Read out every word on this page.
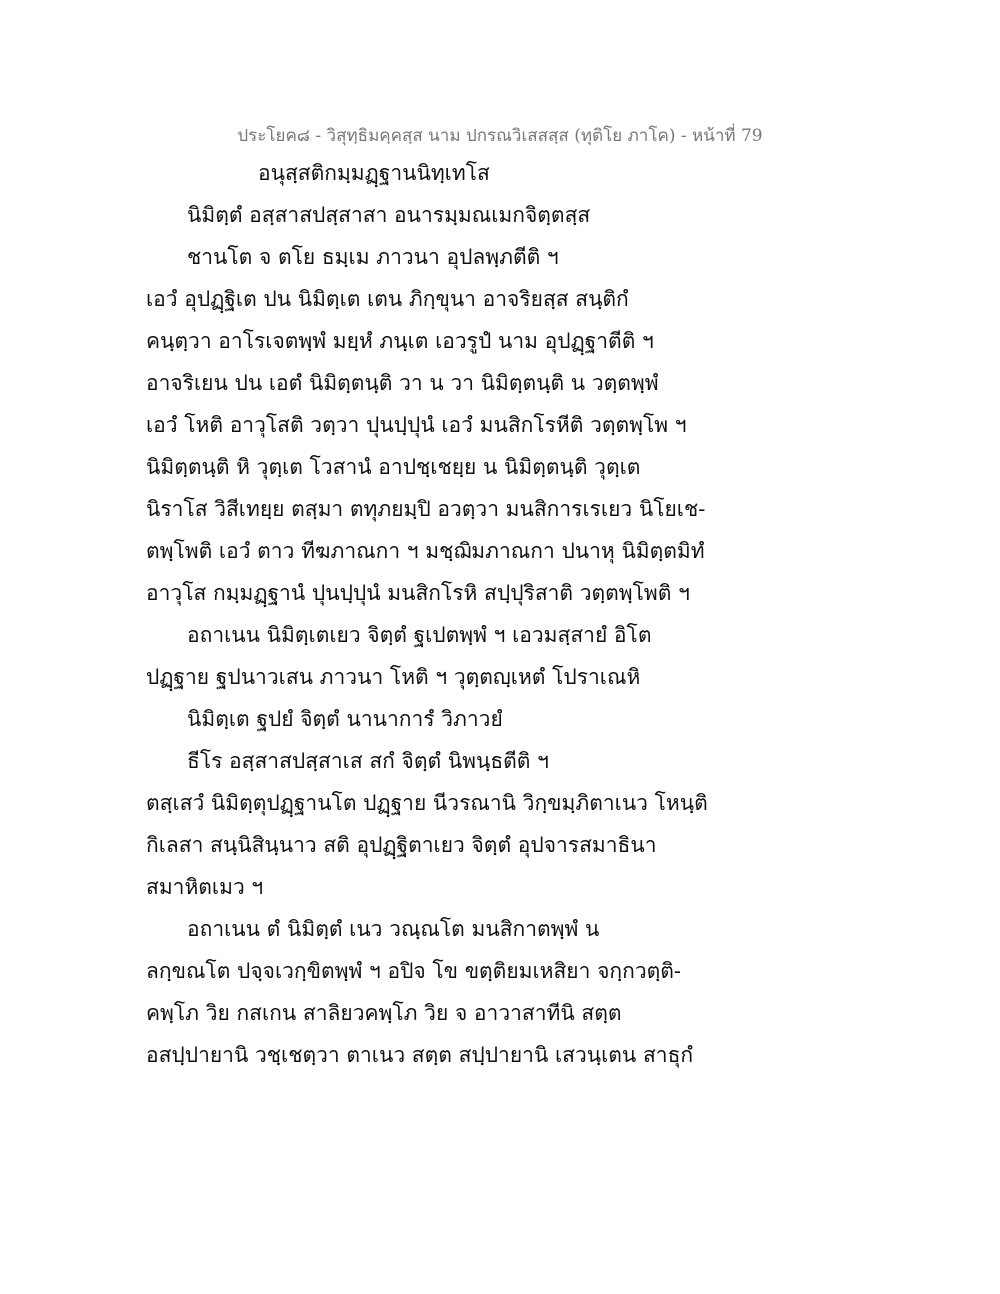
ประโยค๘ - วิสุทฺธิมคฺคสฺส นาม ปกรณวิเสสสฺส (ทุติโย ภาโค) - หน้าที่ 79
อนุสฺสติกมฺมฏฺฐานนิทฺเทโส
นิมิตฺตํ อสฺสาสปสฺสาสา อนารมฺมณเมกจิตฺตสฺส
ชานโต จ ตโย ธมฺเม ภาวนา อุปลพฺภตีติ ฯ
เอวํ อุปฏฺฐิเต ปน นิมิตฺเต เตน ภิกฺขุนา อาจริยสฺส สนฺติกํ
คนฺตฺวา อาโรเจตพฺพํ มยฺหํ ภนฺเต เอวรูปํ นาม อุปฏฺฐาตีติ ฯ
อาจริเยน ปน เอตํ นิมิตฺตนฺติ วา น วา นิมิตฺตนฺติ น วตฺตพฺพํ
เอวํ โหติ อาวุโสติ วตฺวา ปุนปฺปุนํ เอวํ มนสิกโรหีติ วตฺตพฺโพ ฯ
นิมิตฺตนฺติ หิ วุตฺเต โวสานํ อาปชฺเชยฺย น นิมิตฺตนฺติ วุตฺเต
นิราโส วิสีเทยฺย ตสฺมา ตทุภยมฺปิ อวตฺวา มนสิการเรเยว นิโยเช-
ตพฺโพติ เอวํ ตาว ทีฆภาณกา ฯ มชฺฌิมภาณกา ปนาหุ นิมิตฺตมิทํ
อาวุโส กมฺมฏฺฐานํ ปุนปฺปุนํ มนสิกโรหิ สปฺปุริสาติ วตฺตพฺโพติ ฯ
อถาเนน นิมิตฺเตเยว จิตฺตํ ฐเปตพฺพํ ฯ เอวมสฺสายํ อิโต
ปฏฺฐาย ฐปนาวเสน ภาวนา โหติ ฯ วุตฺตญฺเหตํ โปราเณหิ
นิมิตฺเต ฐปยํ จิตฺตํ นานาการํ วิภาวยํ
ธีโร อสฺสาสปสฺสาเส สกํ จิตฺตํ นิพนฺธตีติ ฯ
ตสฺเสวํ นิมิตฺตุปฏฺฐานโต ปฏฺฐาย นีวรณานิ วิกฺขมฺภิตาเนว โหนฺติ
กิเลสา สนฺนิสินฺนาว สติ อุปฏฺฐิตาเยว จิตฺตํ อุปจารสมาธินา
สมาหิตเมว ฯ
อถาเนน ตํ นิมิตฺตํ เนว วณฺณโต มนสิกาตพฺพํ น
ลกฺขณโต ปจฺจเวกฺขิตพฺพํ ฯ อปิจ โข ขตฺติยมเหสิยา จกฺกวตฺติ-
คพฺโภ วิย กสเกน สาลิยวคพฺโภ วิย จ อาวาสาทีนิ สตฺต
อสปฺปายานิ วชฺเชตฺวา ตาเนว สตฺต สปฺปายานิ เสวนฺเตน สาธุกํ
